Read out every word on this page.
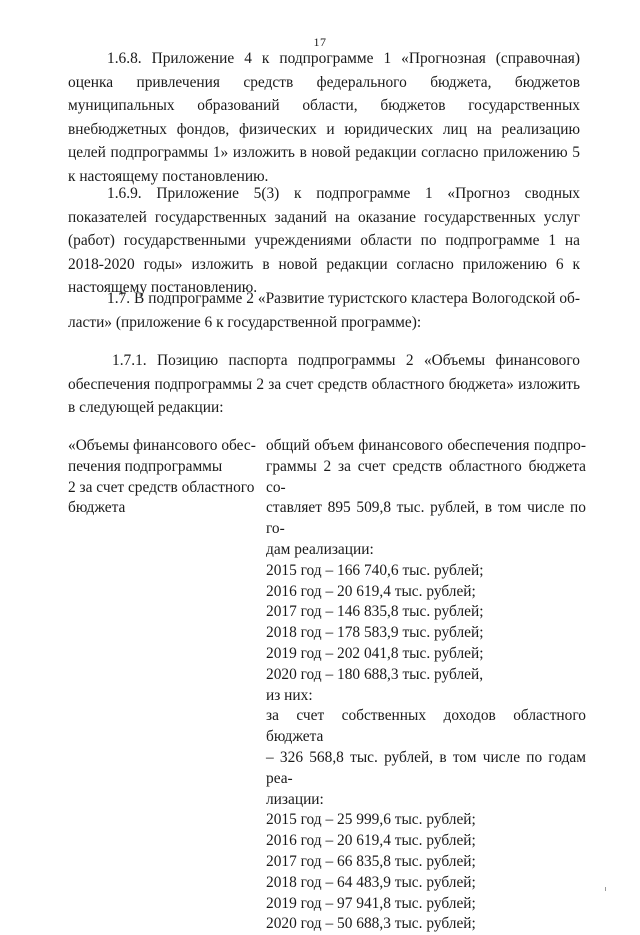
17

1.6.8. Приложение 4 к подпрограмме 1 «Прогнозная (справочная) оценка привлечения средств федерального бюджета, бюджетов муниципальных образований области, бюджетов государственных внебюджетных фондов, физических и юридических лиц на реализацию целей подпрограммы 1» изложить в новой редакции согласно приложению 5 к настоящему постановлению.

1.6.9. Приложение 5(3) к подпрограмме 1 «Прогноз сводных показателей государственных заданий на оказание государственных услуг (работ) государственными учреждениями области по подпрограмме 1 на 2018-2020 годы» изложить в новой редакции согласно приложению 6 к настоящему постановлению.

1.7. В подпрограмме 2 «Развитие туристского кластера Вологодской области» (приложение 6 к государственной программе):

1.7.1. Позицию паспорта подпрограммы 2 «Объемы финансового обеспечения подпрограммы 2 за счет средств областного бюджета» изложить в следующей редакции:

«Объемы финансового обес-
печения подпрограммы
2 за счет средств областного
бюджета
общий объем финансового обеспечения подпро-
граммы 2 за счет средств областного бюджета со-
ставляет 895 509,8 тыс. рублей, в том числе по го-
дам реализации:
2015 год – 166 740,6 тыс. рублей;
2016 год – 20 619,4 тыс. рублей;
2017 год – 146 835,8 тыс. рублей;
2018 год – 178 583,9 тыс. рублей;
2019 год – 202 041,8 тыс. рублей;
2020 год – 180 688,3 тыс. рублей,
из них:
за счет собственных доходов областного бюджета
– 326 568,8 тыс. рублей, в том числе по годам реа-
лизации:
2015 год – 25 999,6 тыс. рублей;
2016 год – 20 619,4 тыс. рублей;
2017 год – 66 835,8 тыс. рублей;
2018 год – 64 483,9 тыс. рублей;
2019 год – 97 941,8 тыс. рублей;
2020 год – 50 688,3 тыс. рублей;
